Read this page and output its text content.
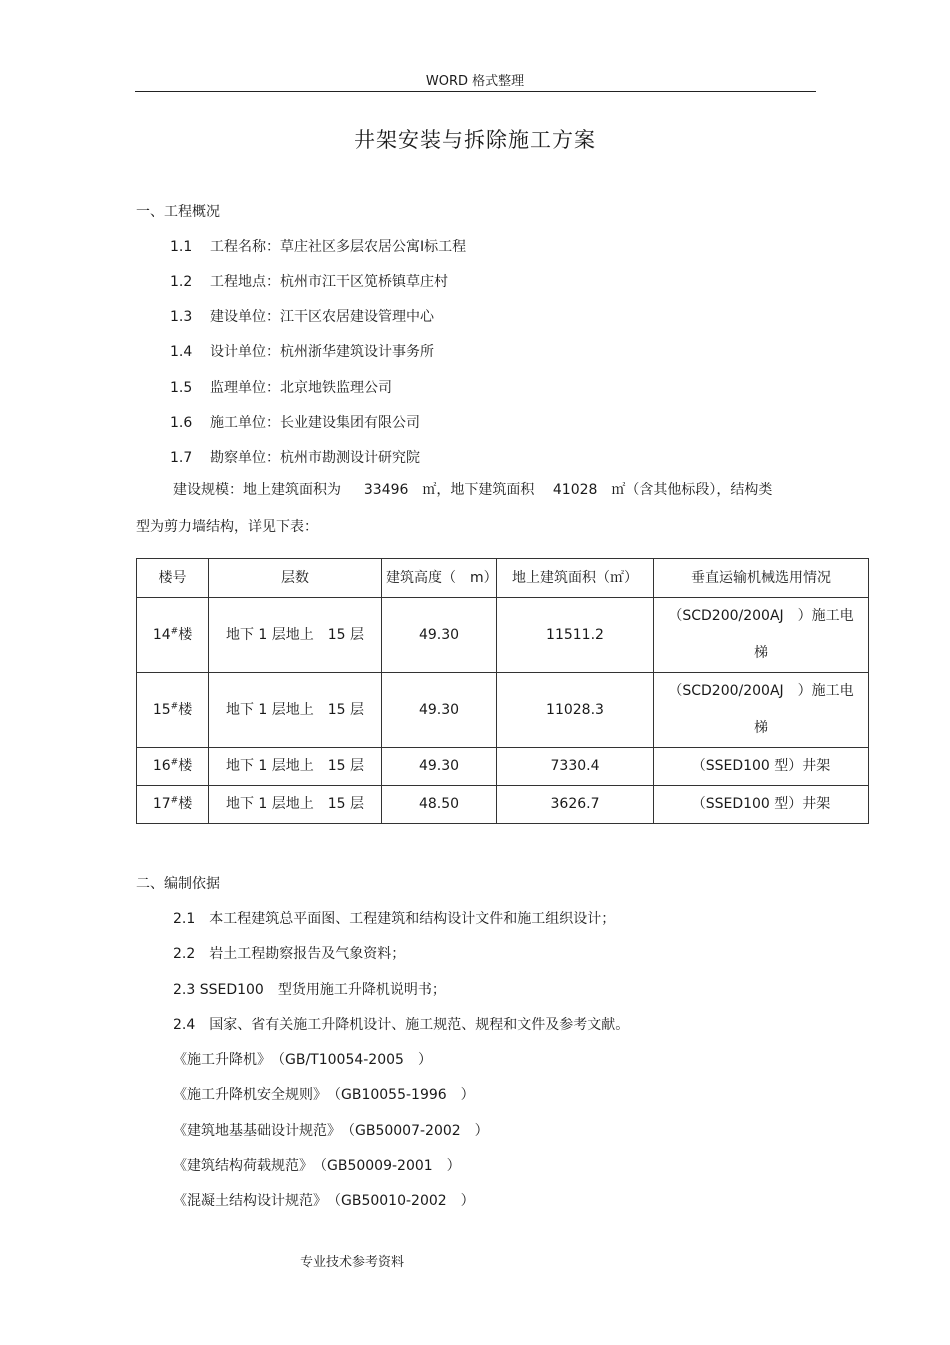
WORD 格式整理
井架安装与拆除施工方案
一、工程概况
1.1 工程名称：草庄社区多层农居公寓Ⅰ标工程
1.2 工程地点：杭州市江干区笕桥镇草庄村
1.3 建设单位：江干区农居建设管理中心
1.4 设计单位：杭州浙华建筑设计事务所
1.5 监理单位：北京地铁监理公司
1.6 施工单位：长业建设集团有限公司
1.7 勘察单位：杭州市勘测设计研究院
建设规模：地上建筑面积为　  33496　㎡，地下建筑面积　 41028　㎡（含其他标段），结构类
型为剪力墙结构，详见下表：
楼号	层数	建筑高度（　m）	地上建筑面积（㎡）	垂直运输机械选用情况
14#楼	地下 1 层地上　15 层	49.30	11511.2	（SCD200/200AJ　）施工电
梯

15#楼	地下 1 层地上　15 层	49.30	11028.3	（SCD200/200AJ　）施工电
梯

16#楼	地下 1 层地上　15 层	49.30	7330.4	（SSED100 型）井架
17#楼	地下 1 层地上　15 层	48.50	3626.7	（SSED100 型）井架
二、编制依据
2.1　本工程建筑总平面图、工程建筑和结构设计文件和施工组织设计；
2.2　岩土工程勘察报告及气象资料；
2.3 SSED100　型货用施工升降机说明书；
2.4　国家、省有关施工升降机设计、施工规范、规程和文件及参考文献。
《施工升降机》　（GB/T10054-2005　）
《施工升降机安全规则》　（GB10055-1996　）
《建筑地基基础设计规范》　（GB50007-2002　）
《建筑结构荷载规范》　（GB50009-2001　）
《混凝土结构设计规范》　（GB50010-2002　）
专业技术参考资料
